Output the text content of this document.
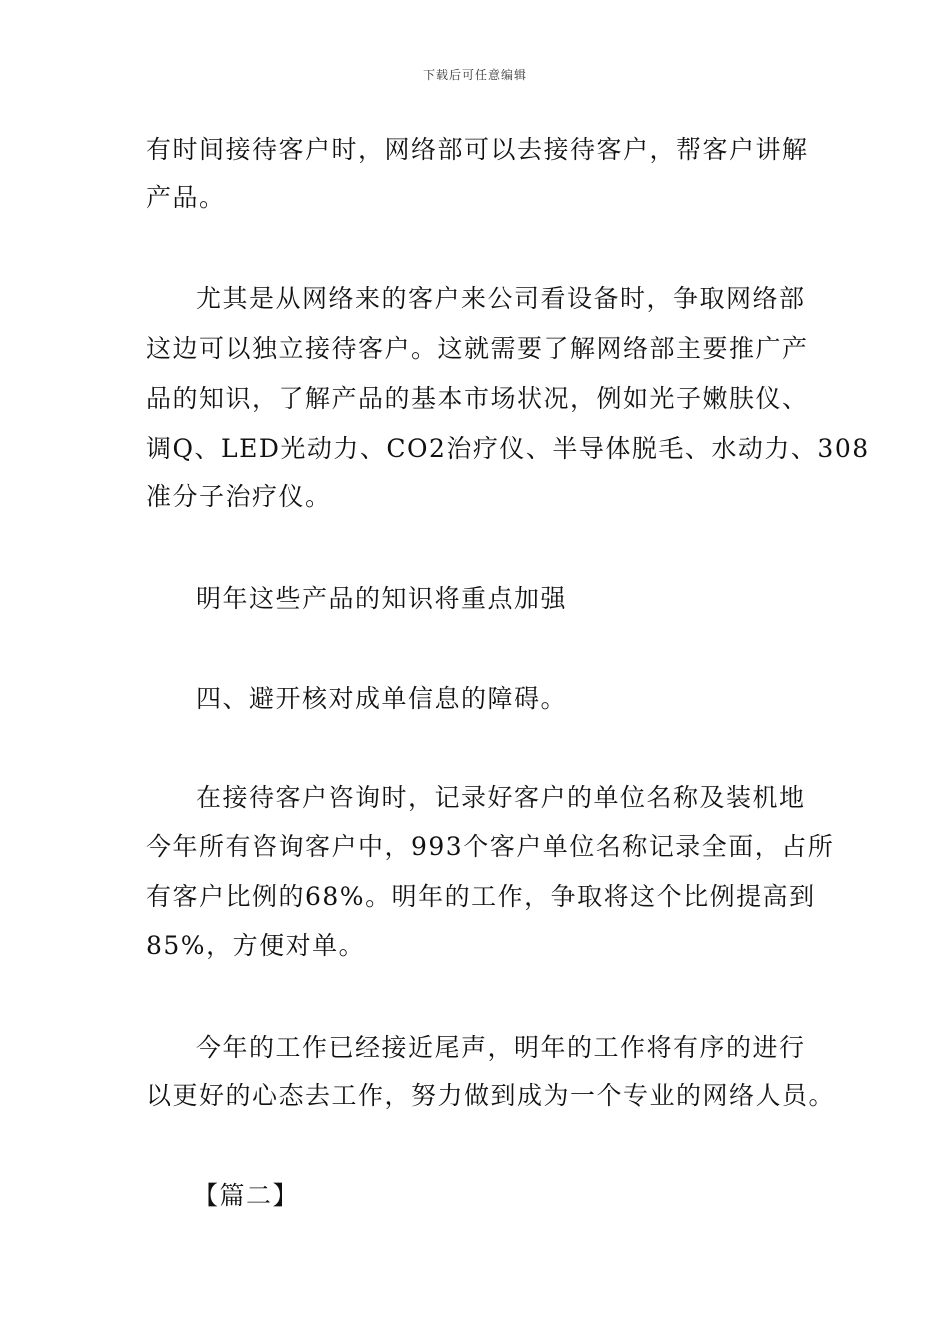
下载后可任意编辑
有时间接待客户时，网络部可以去接待客户，帮客户讲解
产品。
尤其是从网络来的客户来公司看设备时，争取网络部
这边可以独立接待客户。这就需要了解网络部主要推广产
品的知识，了解产品的基本市场状况，例如光子嫩肤仪、
调Q、LED光动力、CO2治疗仪、半导体脱毛、水动力、308
准分子治疗仪。
明年这些产品的知识将重点加强
四、避开核对成单信息的障碍。
在接待客户咨询时，记录好客户的单位名称及装机地
今年所有咨询客户中，993个客户单位名称记录全面，占所
有客户比例的68%。明年的工作，争取将这个比例提高到
85%，方便对单。
今年的工作已经接近尾声，明年的工作将有序的进行
以更好的心态去工作，努力做到成为一个专业的网络人员。
【篇二】
